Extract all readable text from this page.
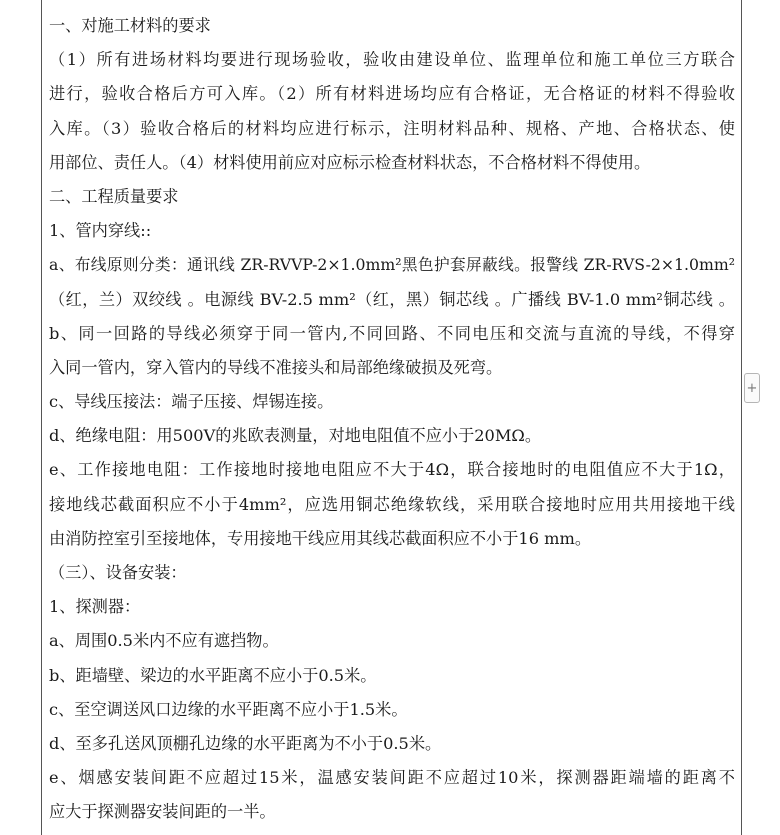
一、对施工材料的要求
（1）所有进场材料均要进行现场验收，验收由建设单位、监理单位和施工单位三方联合
进行，验收合格后方可入库。（2）所有材料进场均应有合格证，无合格证的材料不得验收
入库。（3）验收合格后的材料均应进行标示，注明材料品种、规格、产地、合格状态、使
用部位、责任人。（4）材料使用前应对应标示检查材料状态，不合格材料不得使用。
二、工程质量要求
1、管内穿线::
a、布线原则分类：通讯线 ZR-RVVP-2×1.0mm²黑色护套屏蔽线。报警线 ZR-RVS-2×1.0mm²
（红，兰）双绞线 。电源线 BV-2.5 mm²（红，黑）铜芯线 。广播线 BV-1.0 mm²铜芯线 。
b、同一回路的导线必须穿于同一管内,不同回路、不同电压和交流与直流的导线，不得穿
入同一管内，穿入管内的导线不准接头和局部绝缘破损及死弯。
c、导线压接法：端子压接、焊锡连接。
d、绝缘电阻：用500V的兆欧表测量，对地电阻值不应小于20MΩ。
e、工作接地电阻：工作接地时接地电阻应不大于4Ω，联合接地时的电阻值应不大于1Ω，
接地线芯截面积应不小于4mm²，应选用铜芯绝缘软线，采用联合接地时应用共用接地干线
由消防控室引至接地体，专用接地干线应用其线芯截面积应不小于16 mm。
（三）、设备安装：
1、探测器：
a、周围0.5米内不应有遮挡物。
b、距墙壁、梁边的水平距离不应小于0.5米。
c、至空调送风口边缘的水平距离不应小于1.5米。
d、至多孔送风顶棚孔边缘的水平距离为不小于0.5米。
e、烟感安装间距不应超过15米，温感安装间距不应超过10米，探测器距端墙的距离不
应大于探测器安装间距的一半。
+
